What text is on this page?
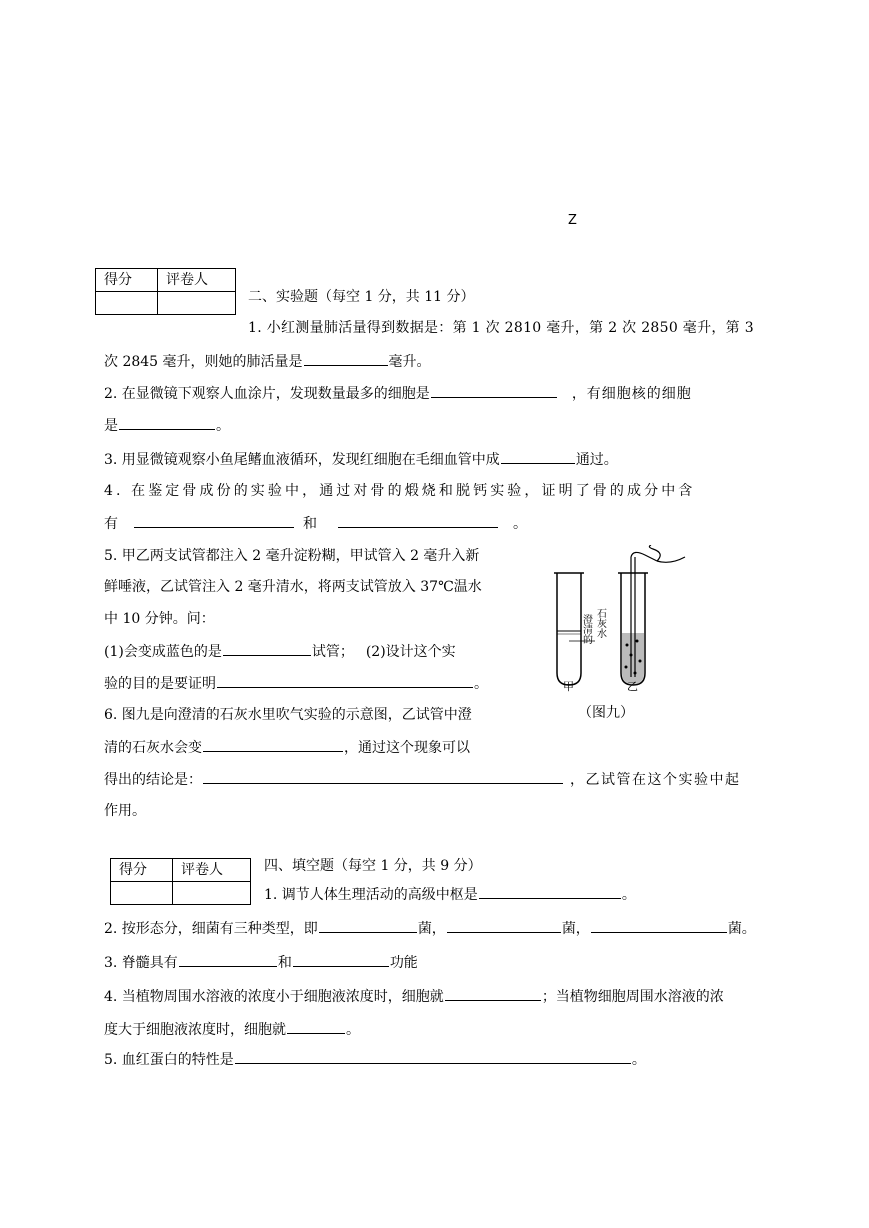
Z
得分	评卷人

二、实验题（每空 1 分，共 11 分）
1. 小红测量肺活量得到数据是：第 1 次 2810 毫升，第 2 次 2850 毫升，第 3
次 2845 毫升，则她的肺活量是	毫升。
2. 在显微镜下观察人血涂片，发现数量最多的细胞是	，有细胞核的细胞
是	。
3. 用显微镜观察小鱼尾鳍血液循环，发现红细胞在毛细血管中成	通过。
4. 在鉴定骨成份的实验中，通过对骨的煅烧和脱钙实验，证明了骨的成分中含
有	和	。
5. 甲乙两支试管都注入 2 毫升淀粉糊，甲试管入 2 毫升入新
鲜唾液，乙试管注入 2 毫升清水，将两支试管放入 37℃温水
中 10 分钟。问：
(1)会变成蓝色的是	试管； (2)设计这个实
验的目的是要证明	。
6. 图九是向澄清的石灰水里吹气实验的示意图，乙试管中澄
清的石灰水会变	，通过这个现象可以
得出的结论是：	，乙试管在这个实验中起
作用。
澄清的
石灰水
甲	乙
（图九）
得分	评卷人
		四、填空题（每空 1 分，共 9 分）
1. 调节人体生理活动的高级中枢是	。
2. 按形态分，细菌有三种类型，即	菌，	菌，	菌。
3. 脊髓具有	和	功能
4. 当植物周围水溶液的浓度小于细胞液浓度时，细胞就	；当植物细胞周围水溶液的浓
度大于细胞液浓度时，细胞就	。
5. 血红蛋白的特性是	。
